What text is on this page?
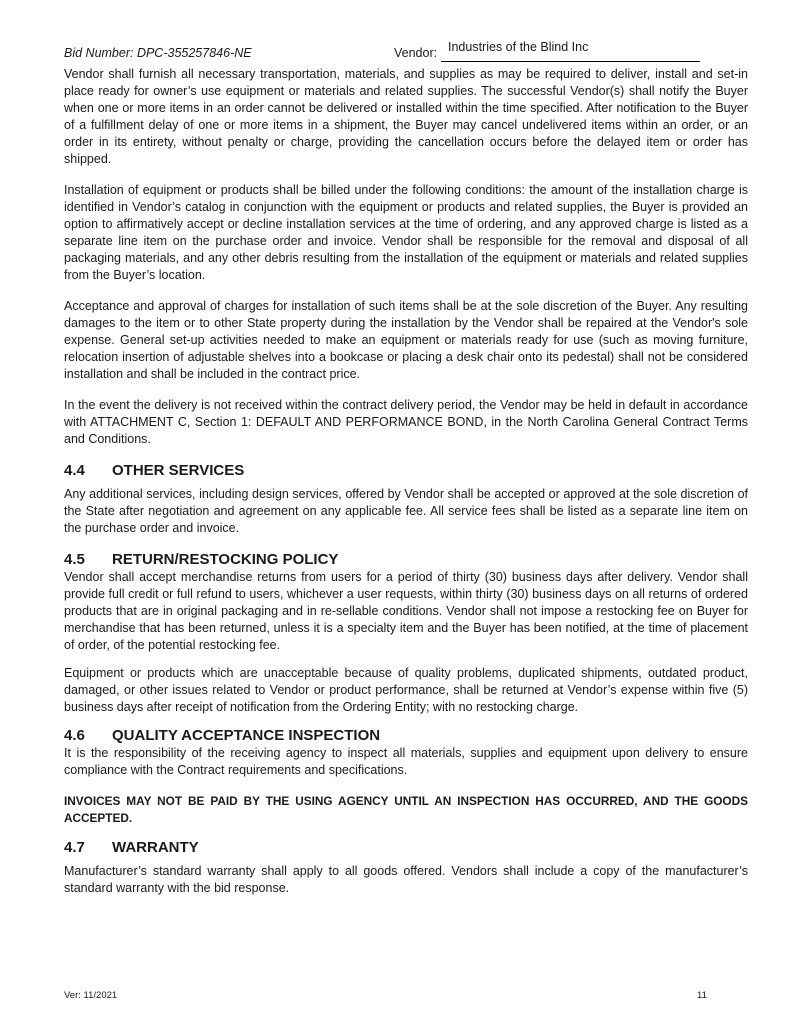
Bid Number: DPC-355257846-NE	Vendor: Industries of the Blind Inc

Vendor shall furnish all necessary transportation, materials, and supplies as may be required to deliver, install and set-in place ready for owner’s use equipment or materials and related supplies. The successful Vendor(s) shall notify the Buyer when one or more items in an order cannot be delivered or installed within the time specified. After notification to the Buyer of a fulfillment delay of one or more items in a shipment, the Buyer may cancel undelivered items within an order, or an order in its entirety, without penalty or charge, providing the cancellation occurs before the delayed item or order has shipped.

Installation of equipment or products shall be billed under the following conditions: the amount of the installation charge is identified in Vendor’s catalog in conjunction with the equipment or products and related supplies, the Buyer is provided an option to affirmatively accept or decline installation services at the time of ordering, and any approved charge is listed as a separate line item on the purchase order and invoice. Vendor shall be responsible for the removal and disposal of all packaging materials, and any other debris resulting from the installation of the equipment or materials and related supplies from the Buyer’s location.

Acceptance and approval of charges for installation of such items shall be at the sole discretion of the Buyer. Any resulting damages to the item or to other State property during the installation by the Vendor shall be repaired at the Vendor's sole expense. General set-up activities needed to make an equipment or materials ready for use (such as moving furniture, relocation insertion of adjustable shelves into a bookcase or placing a desk chair onto its pedestal) shall not be considered installation and shall be included in the contract price.

In the event the delivery is not received within the contract delivery period, the Vendor may be held in default in accordance with ATTACHMENT C, Section 1: DEFAULT AND PERFORMANCE BOND, in the North Carolina General Contract Terms and Conditions.

4.4	OTHER SERVICES

Any additional services, including design services, offered by Vendor shall be accepted or approved at the sole discretion of the State after negotiation and agreement on any applicable fee. All service fees shall be listed as a separate line item on the purchase order and invoice.

4.5	RETURN/RESTOCKING POLICY

Vendor shall accept merchandise returns from users for a period of thirty (30) business days after delivery. Vendor shall provide full credit or full refund to users, whichever a user requests, within thirty (30) business days on all returns of ordered products that are in original packaging and in re-sellable conditions. Vendor shall not impose a restocking fee on Buyer for merchandise that has been returned, unless it is a specialty item and the Buyer has been notified, at the time of placement of order, of the potential restocking fee.

Equipment or products which are unacceptable because of quality problems, duplicated shipments, outdated product, damaged, or other issues related to Vendor or product performance, shall be returned at Vendor’s expense within five (5) business days after receipt of notification from the Ordering Entity; with no restocking charge.

4.6	QUALITY ACCEPTANCE INSPECTION

It is the responsibility of the receiving agency to inspect all materials, supplies and equipment upon delivery to ensure compliance with the Contract requirements and specifications.

INVOICES MAY NOT BE PAID BY THE USING AGENCY UNTIL AN INSPECTION HAS OCCURRED, AND THE GOODS ACCEPTED.

4.7	WARRANTY

Manufacturer’s standard warranty shall apply to all goods offered. Vendors shall include a copy of the manufacturer’s standard warranty with the bid response.

Ver: 11/2021	11
